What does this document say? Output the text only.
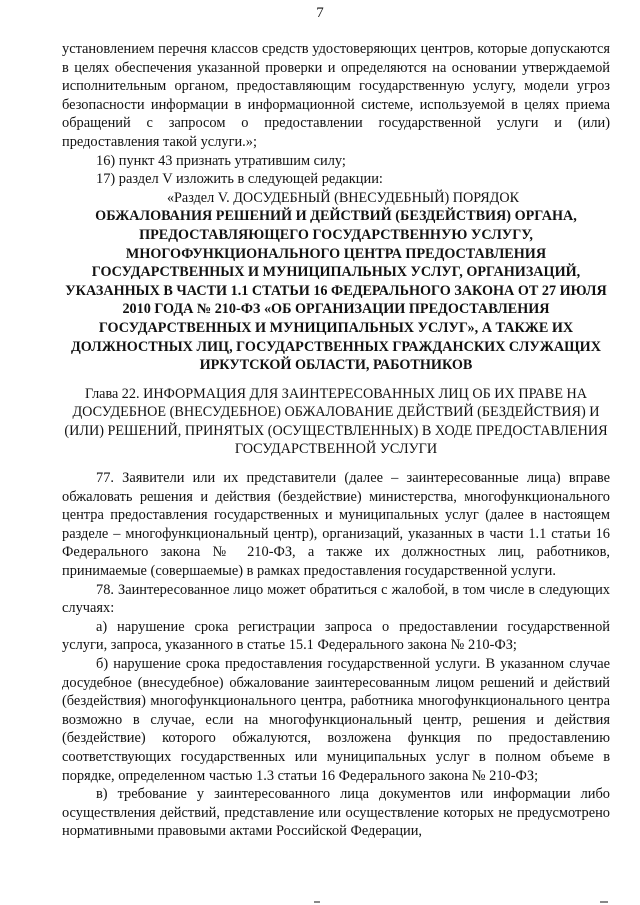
7

установлением перечня классов средств удостоверяющих центров, которые допускаются в целях обеспечения указанной проверки и определяются на основании утверждаемой исполнительным органом, предоставляющим государственную услугу, модели угроз безопасности информации в информационной системе, используемой в целях приема обращений с запросом о предоставлении государственной услуги и (или) предоставления такой услуги.»;

16) пункт 43 признать утратившим силу;

17) раздел V изложить в следующей редакции:

«Раздел V. ДОСУДЕБНЫЙ (ВНЕСУДЕБНЫЙ) ПОРЯДОК
ОБЖАЛОВАНИЯ РЕШЕНИЙ И ДЕЙСТВИЙ (БЕЗДЕЙСТВИЯ) ОРГАНА, ПРЕДОСТАВЛЯЮЩЕГО ГОСУДАРСТВЕННУЮ УСЛУГУ, МНОГОФУНКЦИОНАЛЬНОГО ЦЕНТРА ПРЕДОСТАВЛЕНИЯ ГОСУДАРСТВЕННЫХ И МУНИЦИПАЛЬНЫХ УСЛУГ, ОРГАНИЗАЦИЙ, УКАЗАННЫХ В ЧАСТИ 1.1 СТАТЬИ 16 ФЕДЕРАЛЬНОГО ЗАКОНА ОТ 27 ИЮЛЯ 2010 ГОДА № 210-ФЗ «ОБ ОРГАНИЗАЦИИ ПРЕДОСТАВЛЕНИЯ ГОСУДАРСТВЕННЫХ И МУНИЦИПАЛЬНЫХ УСЛУГ», А ТАКЖЕ ИХ ДОЛЖНОСТНЫХ ЛИЦ, ГОСУДАРСТВЕННЫХ ГРАЖДАНСКИХ СЛУЖАЩИХ ИРКУТСКОЙ ОБЛАСТИ, РАБОТНИКОВ
Глава 22. ИНФОРМАЦИЯ ДЛЯ ЗАИНТЕРЕСОВАННЫХ ЛИЦ ОБ ИХ ПРАВЕ НА ДОСУДЕБНОЕ (ВНЕСУДЕБНОЕ) ОБЖАЛОВАНИЕ ДЕЙСТВИЙ (БЕЗДЕЙСТВИЯ) И (ИЛИ) РЕШЕНИЙ, ПРИНЯТЫХ (ОСУЩЕСТВЛЕННЫХ) В ХОДЕ ПРЕДОСТАВЛЕНИЯ ГОСУДАРСТВЕННОЙ УСЛУГИ

77. Заявители или их представители (далее – заинтересованные лица) вправе обжаловать решения и действия (бездействие) министерства, многофункционального центра предоставления государственных и муниципальных услуг (далее в настоящем разделе – многофункциональный центр), организаций, указанных в части 1.1 статьи 16 Федерального закона № 210-ФЗ, а также их должностных лиц, работников, принимаемые (совершаемые) в рамках предоставления государственной услуги.

78. Заинтересованное лицо может обратиться с жалобой, в том числе в следующих случаях:

а) нарушение срока регистрации запроса о предоставлении государственной услуги, запроса, указанного в статье 15.1 Федерального закона № 210-ФЗ;

б) нарушение срока предоставления государственной услуги. В указанном случае досудебное (внесудебное) обжалование заинтересованным лицом решений и действий (бездействия) многофункционального центра, работника многофункционального центра возможно в случае, если на многофункциональный центр, решения и действия (бездействие) которого обжалуются, возложена функция по предоставлению соответствующих государственных или муниципальных услуг в полном объеме в порядке, определенном частью 1.3 статьи 16 Федерального закона № 210-ФЗ;

в) требование у заинтересованного лица документов или информации либо осуществления действий, представление или осуществление которых не предусмотрено нормативными правовыми актами Российской Федерации,
